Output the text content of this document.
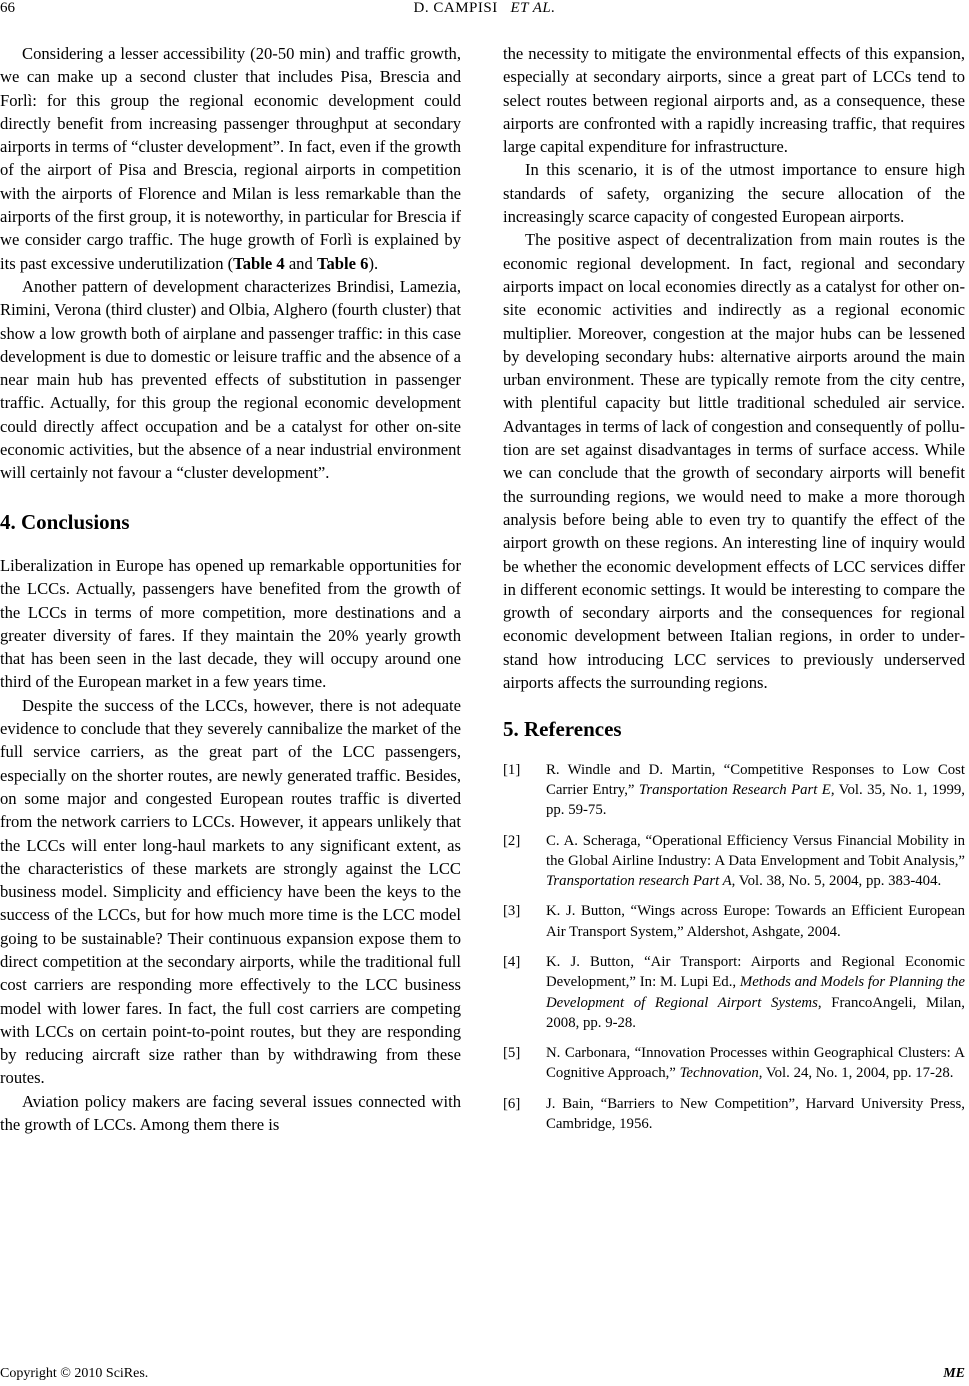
66	D. CAMPISI ET AL.

Considering a lesser accessibility (20-50 min) and traffic growth, we can make up a second cluster that includes Pisa, Brescia and Forlì: for this group the regional economic development could directly benefit from increasing passenger throughput at secondary airports in terms of “cluster development”. In fact, even if the growth of the airport of Pisa and Brescia, regional airports in competition with the airports of Florence and Milan is less remarkable than the airports of the first group, it is noteworthy, in particular for Brescia if we consider cargo traffic. The huge growth of Forlì is explained by its past excessive underutilization (Table 4 and Table 6).

Another pattern of development characterizes Brindisi, Lamezia, Rimini, Verona (third cluster) and Olbia, Alghero (fourth cluster) that show a low growth both of airplane and passenger traffic: in this case development is due to domestic or leisure traffic and the absence of a near main hub has prevented effects of substitution in passenger traffic. Actually, for this group the regional economic development could directly affect occupation and be a catalyst for other on-site economic activities, but the absence of a near industrial environment will certainly not favour a “cluster development”.

4. Conclusions

Liberalization in Europe has opened up remarkable opportunities for the LCCs. Actually, passengers have benefited from the growth of the LCCs in terms of more competition, more destinations and a greater diversity of fares. If they maintain the 20% yearly growth that has been seen in the last decade, they will occupy around one third of the European market in a few years time.

Despite the success of the LCCs, however, there is not adequate evidence to conclude that they severely cannibalize the market of the full service carriers, as the great part of the LCC passengers, especially on the shorter routes, are newly generated traffic. Besides, on some major and congested European routes traffic is diverted from the network carriers to LCCs. However, it appears unlikely that the LCCs will enter long-haul markets to any significant extent, as the characteristics of these markets are strongly against the LCC business model. Simplicity and efficiency have been the keys to the success of the LCCs, but for how much more time is the LCC model going to be sustainable? Their continuous expansion expose them to direct competition at the secondary airports, while the traditional full cost carriers are responding more effectively to the LCC business model with lower fares. In fact, the full cost carriers are competing with LCCs on certain point-to-point routes, but they are responding by reducing aircraft size rather than by withdrawing from these routes.

Aviation policy makers are facing several issues connected with the growth of LCCs. Among them there is

the necessity to mitigate the environmental effects of this expansion, especially at secondary airports, since a great part of LCCs tend to select routes between regional airports and, as a consequence, these airports are confronted with a rapidly increasing traffic, that requires large capital expenditure for infrastructure.

In this scenario, it is of the utmost importance to ensure high standards of safety, organizing the secure allocation of the increasingly scarce capacity of congested European airports.

The positive aspect of decentralization from main routes is the economic regional development. In fact, regional and secondary airports impact on local economies directly as a catalyst for other on-site economic activities and indirectly as a regional economic multiplier. Moreover, congestion at the major hubs can be lessened by developing secondary hubs: alternative airports around the main urban environment. These are typically remote from the city centre, with plentiful capacity but little traditional scheduled air service. Advantages in terms of lack of congestion and consequently of pollution are set against disadvantages in terms of surface access. While we can conclude that the growth of secondary airports will benefit the surrounding regions, we would need to make a more thorough analysis before being able to even try to quantify the effect of the airport growth on these regions. An interesting line of inquiry would be whether the economic development effects of LCC services differ in different economic settings. It would be interesting to compare the growth of secondary airports and the consequences for regional economic development between Italian regions, in order to understand how introducing LCC services to previously underserved airports affects the surrounding regions.

5. References
[1]	R. Windle and D. Martin, “Competitive Responses to Low Cost Carrier Entry,” Transportation Research Part E, Vol. 35, No. 1, 1999, pp. 59-75.
[2]	C. A. Scheraga, “Operational Efficiency Versus Financial Mobility in the Global Airline Industry: A Data Envelopment and Tobit Analysis,” Transportation research Part A, Vol. 38, No. 5, 2004, pp. 383-404.
[3]	K. J. Button, “Wings across Europe: Towards an Efficient European Air Transport System,” Aldershot, Ashgate, 2004.
[4]	K. J. Button, “Air Transport: Airports and Regional Economic Development,” In: M. Lupi Ed., Methods and Models for Planning the Development of Regional Airport Systems, FrancoAngeli, Milan, 2008, pp. 9-28.
[5]	N. Carbonara, “Innovation Processes within Geographical Clusters: A Cognitive Approach,” Technovation, Vol. 24, No. 1, 2004, pp. 17-28.
[6]	J. Bain, “Barriers to New Competition”, Harvard University Press, Cambridge, 1956.
Copyright © 2010 SciRes.	ME
